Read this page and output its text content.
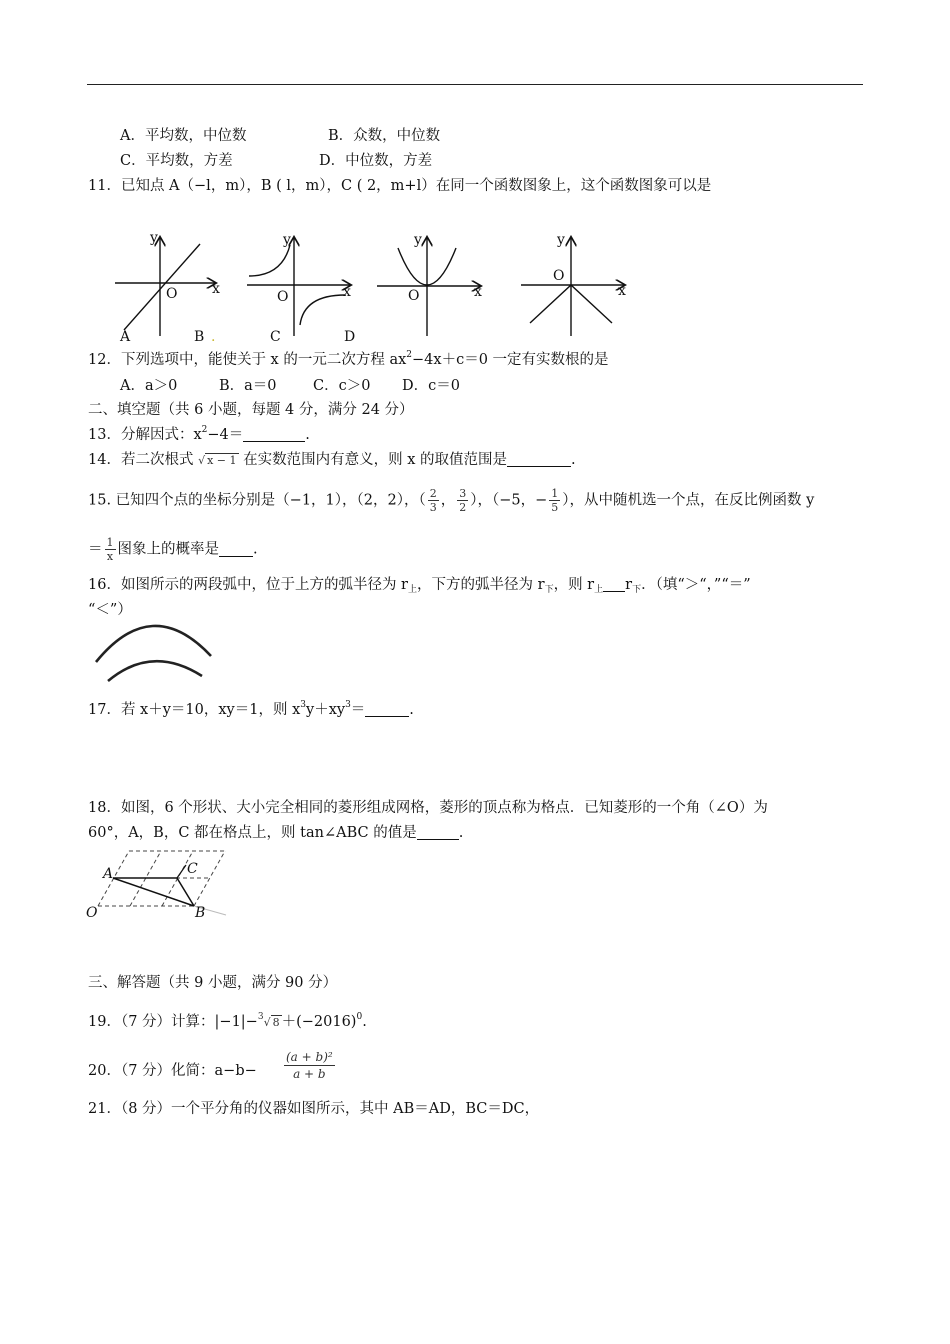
A．平均数，中位数	B．众数，中位数
C．平均数，方差	D．中位数，方差
11．已知点 A（−l，m），B ( l，m），C ( 2，m+l）在同一个函数图象上，这个函数图象可以是
y
x
O
y
x
O
y
x
O
y
x
O
A	B .	C	D
12．下列选项中，能使关于 x 的一元二次方程 $ax^2-4x+c=0$ 一定有实数根的是
A．a＞0	B．a＝0	C．c＞0 D．c＝0
二、填空题（共 6 小题，每题 4 分，满分 24 分）
13．分解因式：$x^2-4=$	.
14．若二次根式 √ x − 1 在实数范围内有意义，则 x 的取值范围是	.
15. 已知四个点的坐标分别是（−1，1），（2，2），（ $\frac{2}{3}$ ， $\frac{3}{2}$ ），（−5，− $\frac{1}{5}$ ），从中随机选一个点，在反比例函数 y
＝ $\frac{1}{x}$ 图象上的概率是 .
16．如图所示的两段弧中，位于上方的弧半径为 $r_上$，下方的弧半径为 $r_下$，则 $r_上$ $r_下$．（填“＞“，”“＝”
“＜”）
17．若 x＋y＝10，xy＝1，则 $x^3y+xy^3=$	.
18．如图，6 个形状、大小完全相同的菱形组成网格，菱形的顶点称为格点．已知菱形的一个角（∠O）为
60°，A，B，C 都在格点上，则 tan∠ABC 的值是	.
A	C
O	B
三、解答题（共 9 小题，满分 90 分）
19．（7 分）计算：|−1|−$^3$√ $8 +(-2016)^0$.
20．（7 分）化简：$a-b- \frac{\text{(a + b)²}}{a + b}$
21．（8 分）一个平分角的仪器如图所示，其中 AB＝AD，BC＝DC，
